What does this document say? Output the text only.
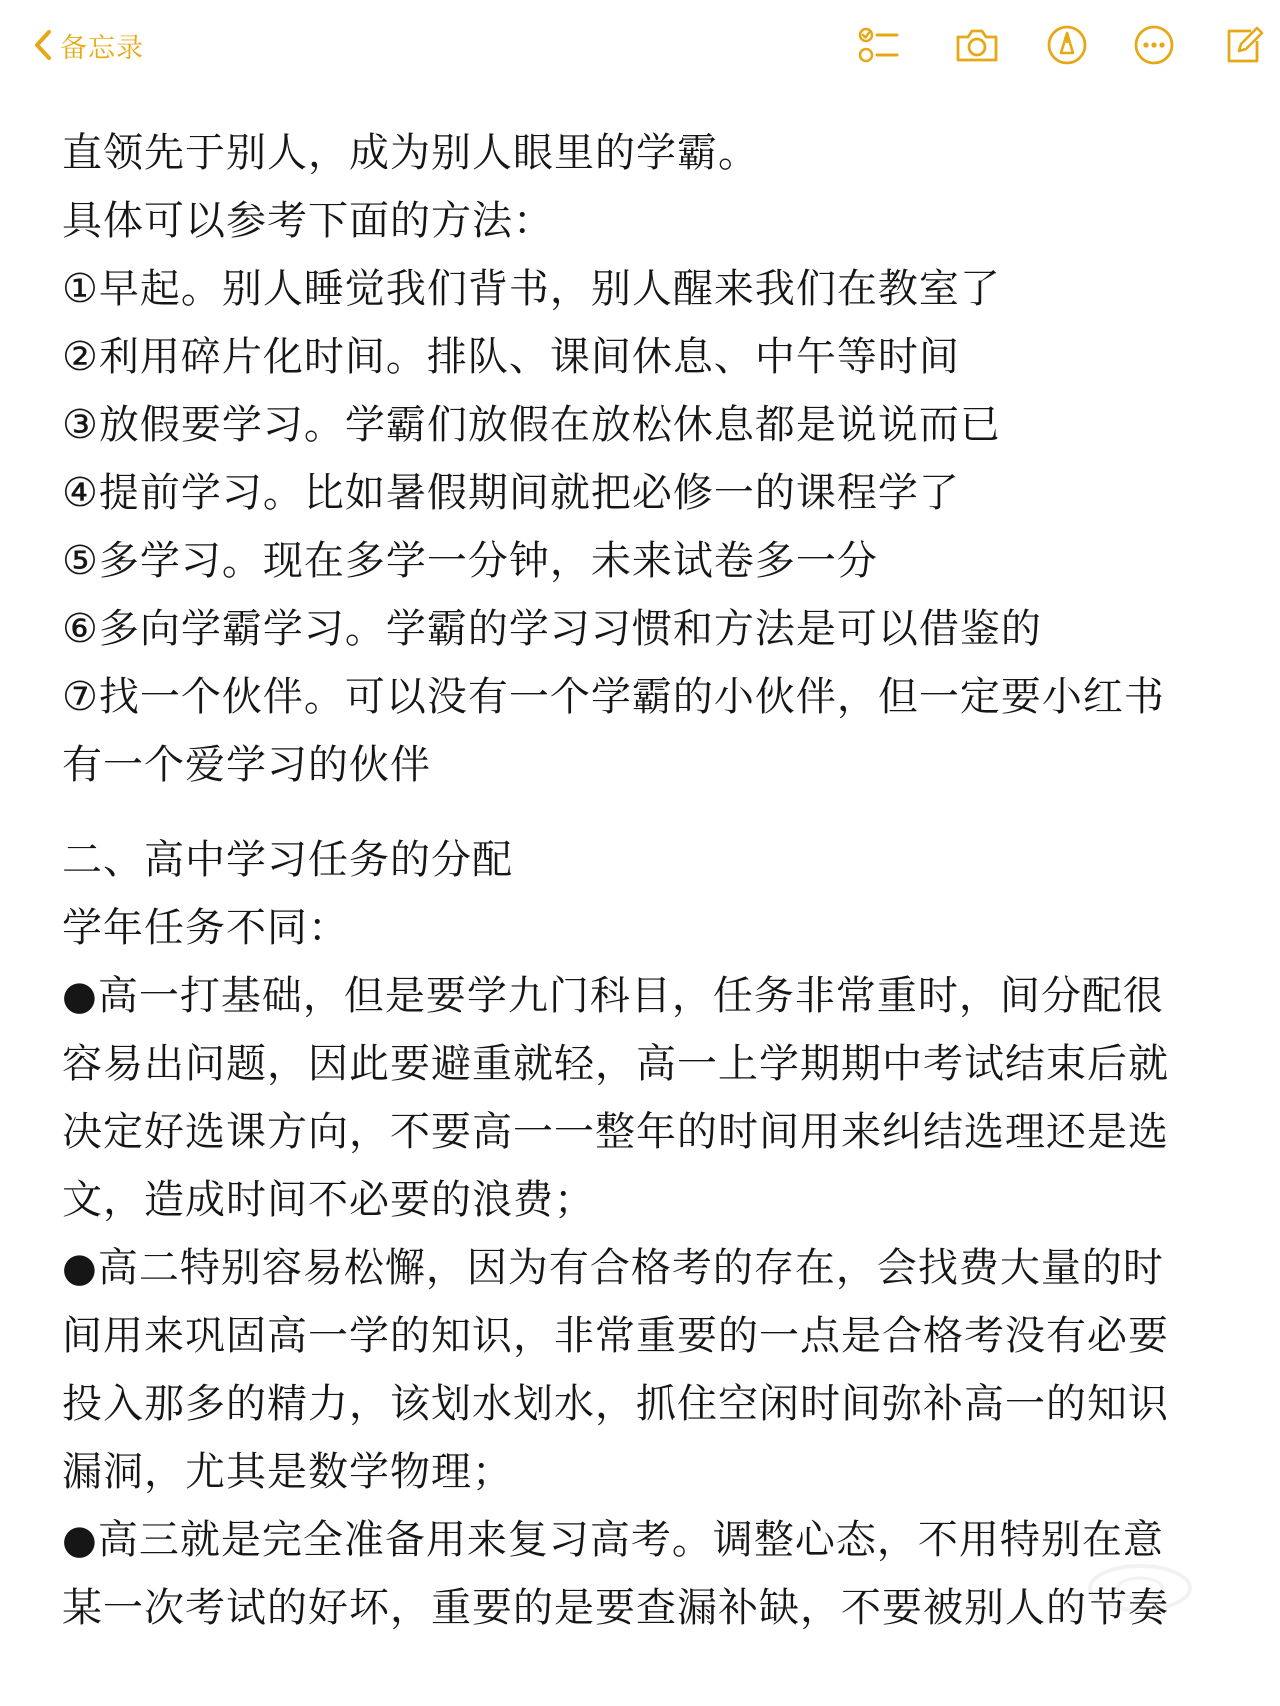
备忘录
直领先于别人，成为别人眼里的学霸。
具体可以参考下面的方法：
①早起。别人睡觉我们背书，别人醒来我们在教室了
②利用碎片化时间。排队、课间休息、中午等时间
③放假要学习。学霸们放假在放松休息都是说说而已
④提前学习。比如暑假期间就把必修一的课程学了
⑤多学习。现在多学一分钟，未来试卷多一分
⑥多向学霸学习。学霸的学习习惯和方法是可以借鉴的
⑦找一个伙伴。可以没有一个学霸的小伙伴，但一定要小红书
有一个爱学习的伙伴
二、高中学习任务的分配
学年任务不同：
●高一打基础，但是要学九门科目，任务非常重时，间分配很
容易出问题，因此要避重就轻，高一上学期期中考试结束后就
决定好选课方向，不要高一一整年的时间用来纠结选理还是选
文，造成时间不必要的浪费；
●高二特别容易松懈，因为有合格考的存在，会找费大量的时
间用来巩固高一学的知识，非常重要的一点是合格考没有必要
投入那多的精力，该划水划水，抓住空闲时间弥补高一的知识
漏洞，尤其是数学物理；
●高三就是完全准备用来复习高考。调整心态，不用特别在意
某一次考试的好坏，重要的是要查漏补缺，不要被别人的节奏
